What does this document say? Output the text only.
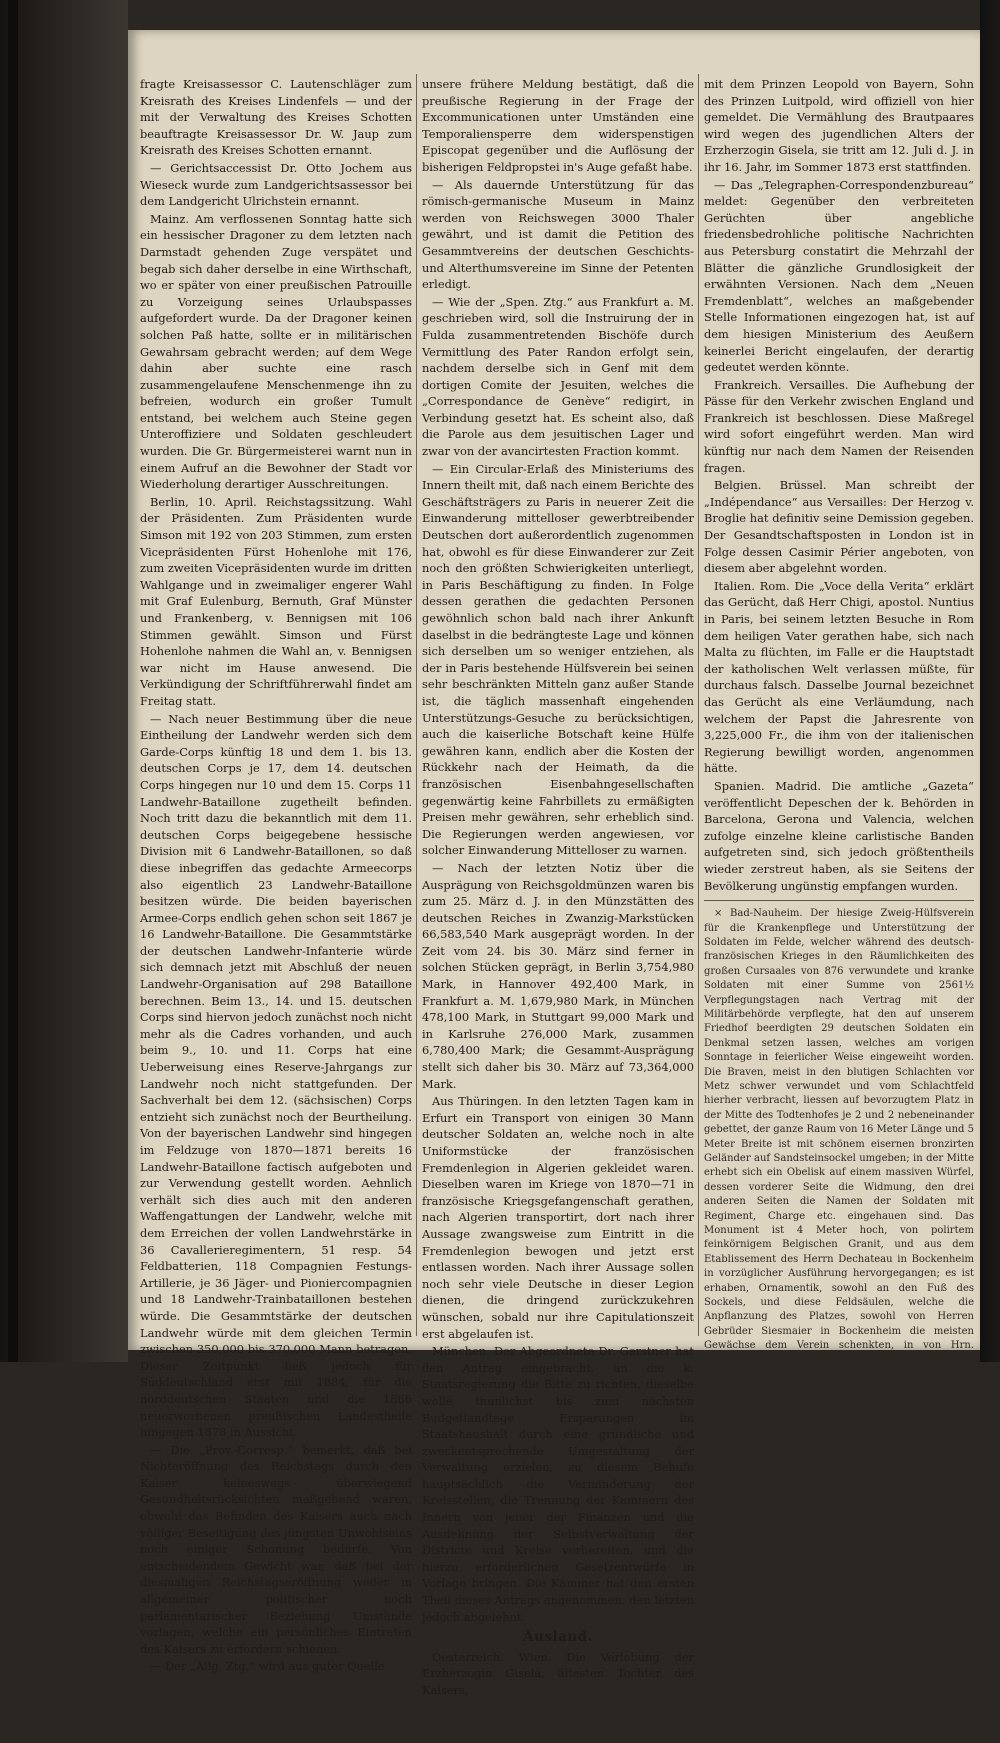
fragte Kreisassessor C. Lautenschläger zum Kreisrath des Kreises Lindenfels — und der mit der Verwaltung des Kreises Schotten beauftragte Kreisassessor Dr. W. Jaup zum Kreisrath des Kreises Schotten ernannt.

— Gerichtsaccessist Dr. Otto Jochem aus Wieseck wurde zum Landgerichtsassessor bei dem Landgericht Ulrichstein ernannt.

Mainz. Am verflossenen Sonntag hatte sich ein hessischer Dragoner zu dem letzten nach Darmstadt gehenden Zuge verspätet und begab sich daher derselbe in eine Wirthschaft, wo er später von einer preußischen Patrouille zu Vorzeigung seines Urlaubspasses aufgefordert wurde. Da der Dragoner keinen solchen Paß hatte, sollte er in militärischen Gewahrsam gebracht werden; auf dem Wege dahin aber suchte eine rasch zusammengelaufene Menschenmenge ihn zu befreien, wodurch ein großer Tumult entstand, bei welchem auch Steine gegen Unteroffiziere und Soldaten geschleudert wurden. Die Gr. Bürgermeisterei warnt nun in einem Aufruf an die Bewohner der Stadt vor Wiederholung derartiger Ausschreitungen.

Berlin, 10. April. Reichstagssitzung. Wahl der Präsidenten. Zum Präsidenten wurde Simson mit 192 von 203 Stimmen, zum ersten Vicepräsidenten Fürst Hohenlohe mit 176, zum zweiten Vicepräsidenten wurde im dritten Wahlgange und in zweimaliger engerer Wahl mit Graf Eulenburg, Bernuth, Graf Münster und Frankenberg, v. Bennigsen mit 106 Stimmen gewählt. Simson und Fürst Hohenlohe nahmen die Wahl an, v. Bennigsen war nicht im Hause anwesend. Die Verkündigung der Schriftführerwahl findet am Freitag statt.

— Nach neuer Bestimmung über die neue Eintheilung der Landwehr werden sich dem Garde-Corps künftig 18 und dem 1. bis 13. deutschen Corps je 17, dem 14. deutschen Corps hingegen nur 10 und dem 15. Corps 11 Landwehr-Bataillone zugetheilt befinden. Noch tritt dazu die bekanntlich mit dem 11. deutschen Corps beigegebene hessische Division mit 6 Landwehr-Bataillonen, so daß diese inbegriffen das gedachte Armeecorps also eigentlich 23 Landwehr-Bataillone besitzen würde. Die beiden bayerischen Armee-Corps endlich gehen schon seit 1867 je 16 Landwehr-Bataillone. Die Gesammtstärke der deutschen Landwehr-Infanterie würde sich demnach jetzt mit Abschluß der neuen Landwehr-Organisation auf 298 Bataillone berechnen. Beim 13., 14. und 15. deutschen Corps sind hiervon jedoch zunächst noch nicht mehr als die Cadres vorhanden, und auch beim 9., 10. und 11. Corps hat eine Ueberweisung eines Reserve-Jahrgangs zur Landwehr noch nicht stattgefunden. Der Sachverhalt bei dem 12. (sächsischen) Corps entzieht sich zunächst noch der Beurtheilung. Von der bayerischen Landwehr sind hingegen im Feldzuge von 1870—1871 bereits 16 Landwehr-Bataillone factisch aufgeboten und zur Verwendung gestellt worden. Aehnlich verhält sich dies auch mit den anderen Waffengattungen der Landwehr, welche mit dem Erreichen der vollen Landwehrstärke in 36 Cavallerieregimentern, 51 resp. 54 Feldbatterien, 118 Compagnien Festungs-Artillerie, je 36 Jäger- und Pioniercompagnien und 18 Landwehr-Trainbataillonen bestehen würde. Die Gesammtstärke der deutschen Landwehr würde mit dem gleichen Termin zwischen 350,000 bis 370,000 Mann betragen. Dieser Zeitpunkt ließ jedoch für Süddeutschland erst mit 1884, für die norddeutschen Staaten und die 1866 neuerworbenen preußischen Landestheile hingegen 1878 in Aussicht.

— Die „Prov.-Corresp.“ bemerkt, daß bei Nichteröffnung des Reichstags durch den Kaiser keineswegs überwiegend Gesundheitsrücksichten maßgebend waren, obwohl das Befinden des Kaisers auch nach völliger Beseitigung des jüngsten Unwohlseins noch einiger Schonung bedürfe. Von entscheidendem Gewicht war, daß bei der diesmaligen Reichstagseröffnung weder in allgemeiner politischer noch parlamentarischer Beziehung Umstände vorlagen, welche ein persönliches Eintreten des Kaisers zu erfordern schienen.

— Der „Allg. Ztg.“ wird aus guter Quelle

unsere frühere Meldung bestätigt, daß die preußische Regierung in der Frage der Excommunicationen unter Umständen eine Temporaliensperre dem widerspenstigen Episcopat gegenüber und die Auflösung der bisherigen Feldpropstei in's Auge gefaßt habe.

— Als dauernde Unterstützung für das römisch-germanische Museum in Mainz werden von Reichswegen 3000 Thaler gewährt, und ist damit die Petition des Gesammtvereins der deutschen Geschichts- und Alterthumsvereine im Sinne der Petenten erledigt.

— Wie der „Spen. Ztg.“ aus Frankfurt a. M. geschrieben wird, soll die Instruirung der in Fulda zusammentretenden Bischöfe durch Vermittlung des Pater Randon erfolgt sein, nachdem derselbe sich in Genf mit dem dortigen Comite der Jesuiten, welches die „Correspondance de Genève“ redigirt, in Verbindung gesetzt hat. Es scheint also, daß die Parole aus dem jesuitischen Lager und zwar von der avancirtesten Fraction kommt.

— Ein Circular-Erlaß des Ministeriums des Innern theilt mit, daß nach einem Berichte des Geschäftsträgers zu Paris in neuerer Zeit die Einwanderung mittelloser gewerbtreibender Deutschen dort außerordentlich zugenommen hat, obwohl es für diese Einwanderer zur Zeit noch den größten Schwierigkeiten unterliegt, in Paris Beschäftigung zu finden. In Folge dessen gerathen die gedachten Personen gewöhnlich schon bald nach ihrer Ankunft daselbst in die bedrängteste Lage und können sich derselben um so weniger entziehen, als der in Paris bestehende Hülfsverein bei seinen sehr beschränkten Mitteln ganz außer Stande ist, die täglich massenhaft eingehenden Unterstützungs-Gesuche zu berücksichtigen, auch die kaiserliche Botschaft keine Hülfe gewähren kann, endlich aber die Kosten der Rückkehr nach der Heimath, da die französischen Eisenbahngesellschaften gegenwärtig keine Fahrbillets zu ermäßigten Preisen mehr gewähren, sehr erheblich sind. Die Regierungen werden angewiesen, vor solcher Einwanderung Mittelloser zu warnen.

— Nach der letzten Notiz über die Ausprägung von Reichsgoldmünzen waren bis zum 25. März d. J. in den Münzstätten des deutschen Reiches in Zwanzig-Markstücken 66,583,540 Mark ausgeprägt worden. In der Zeit vom 24. bis 30. März sind ferner in solchen Stücken geprägt, in Berlin 3,754,980 Mark, in Hannover 492,400 Mark, in Frankfurt a. M. 1,679,980 Mark, in München 478,100 Mark, in Stuttgart 99,000 Mark und in Karlsruhe 276,000 Mark, zusammen 6,780,400 Mark; die Gesammt-Ausprägung stellt sich daher bis 30. März auf 73,364,000 Mark.

Aus Thüringen. In den letzten Tagen kam in Erfurt ein Transport von einigen 30 Mann deutscher Soldaten an, welche noch in alte Uniformstücke der französischen Fremdenlegion in Algerien gekleidet waren. Dieselben waren im Kriege von 1870—71 in französische Kriegsgefangenschaft gerathen, nach Algerien transportirt, dort nach ihrer Aussage zwangsweise zum Eintritt in die Fremdenlegion bewogen und jetzt erst entlassen worden. Nach ihrer Aussage sollen noch sehr viele Deutsche in dieser Legion dienen, die dringend zurückzukehren wünschen, sobald nur ihre Capitulationszeit erst abgelaufen ist.

München. Der Abgeordnete Dr. Gerstner hat den Antrag eingebracht, an die k. Staatsregierung die Bitte zu richten, dieselbe wolle thunlichst bis zum nächsten Budgetlandtage Ersparungen im Staatshaushalt durch eine gründliche und zweckentsprechende Umgestaltung der Verwaltung erzielen, zu diesem Behufe hauptsächlich die Verminderung der Kreisstellen, die Trennung der Kammern des Innern von jener der Finanzen und die Ausdehnung der Selbstverwaltung der Districte und Kreise vorbereiten, und die hierzu erforderlichen Gesetzentwürfe in Vorlage bringen. Die Kammer hat den ersten Theil dieses Antrags angenommen, den letzten jedoch abgelehnt.

Ausland.

Oesterreich. Wien. Die Verlobung der Erzherzogin Gisela, ältesten Tochter des Kaisers,

mit dem Prinzen Leopold von Bayern, Sohn des Prinzen Luitpold, wird offiziell von hier gemeldet. Die Vermählung des Brautpaares wird wegen des jugendlichen Alters der Erzherzogin Gisela, sie tritt am 12. Juli d. J. in ihr 16. Jahr, im Sommer 1873 erst stattfinden.

— Das „Telegraphen-Correspondenzbureau“ meldet: Gegenüber den verbreiteten Gerüchten über angebliche friedensbedrohliche politische Nachrichten aus Petersburg constatirt die Mehrzahl der Blätter die gänzliche Grundlosigkeit der erwähnten Versionen. Nach dem „Neuen Fremdenblatt“, welches an maßgebender Stelle Informationen eingezogen hat, ist auf dem hiesigen Ministerium des Aeußern keinerlei Bericht eingelaufen, der derartig gedeutet werden könnte.

Frankreich. Versailles. Die Aufhebung der Pässe für den Verkehr zwischen England und Frankreich ist beschlossen. Diese Maßregel wird sofort eingeführt werden. Man wird künftig nur nach dem Namen der Reisenden fragen.

Belgien. Brüssel. Man schreibt der „Indépendance“ aus Versailles: Der Herzog v. Broglie hat definitiv seine Demission gegeben. Der Gesandtschaftsposten in London ist in Folge dessen Casimir Périer angeboten, von diesem aber abgelehnt worden.

Italien. Rom. Die „Voce della Verita“ erklärt das Gerücht, daß Herr Chigi, apostol. Nuntius in Paris, bei seinem letzten Besuche in Rom dem heiligen Vater gerathen habe, sich nach Malta zu flüchten, im Falle er die Hauptstadt der katholischen Welt verlassen müßte, für durchaus falsch. Dasselbe Journal bezeichnet das Gerücht als eine Verläumdung, nach welchem der Papst die Jahresrente von 3,225,000 Fr., die ihm von der italienischen Regierung bewilligt worden, angenommen hätte.

Spanien. Madrid. Die amtliche „Gazeta“ veröffentlicht Depeschen der k. Behörden in Barcelona, Gerona und Valencia, welchen zufolge einzelne kleine carlistische Banden aufgetreten sind, sich jedoch größtentheils wieder zerstreut haben, als sie Seitens der Bevölkerung ungünstig empfangen wurden.

× Bad-Nauheim. Der hiesige Zweig-Hülfsverein für die Krankenpflege und Unterstützung der Soldaten im Felde, welcher während des deutsch-französischen Krieges in den Räumlichkeiten des großen Cursaales von 876 verwundete und kranke Soldaten mit einer Summe von 2561½ Verpflegungstagen nach Vertrag mit der Militärbehörde verpflegte, hat den auf unserem Friedhof beerdigten 29 deutschen Soldaten ein Denkmal setzen lassen, welches am vorigen Sonntage in feierlicher Weise eingeweiht worden. Die Braven, meist in den blutigen Schlachten vor Metz schwer verwundet und vom Schlachtfeld hierher verbracht, liessen auf bevorzugtem Platz in der Mitte des Todtenhofes je 2 und 2 nebeneinander gebettet, der ganze Raum von 16 Meter Länge und 5 Meter Breite ist mit schönem eisernen bronzirten Geländer auf Sandsteinsockel umgeben; in der Mitte erhebt sich ein Obelisk auf einem massiven Würfel, dessen vorderer Seite die Widmung, den drei anderen Seiten die Namen der Soldaten mit Regiment, Charge etc. eingehauen sind. Das Monument ist 4 Meter hoch, von polirtem feinkörnigem Belgischen Granit, und aus dem Etablissement des Herrn Dechateau in Bockenheim in vorzüglicher Ausführung hervorgegangen; es ist erhaben, Ornamentik, sowohl an den Fuß des Sockels, und diese Feldsäulen, welche die Anpflanzung des Platzes, sowohl von Herren Gebrüder Siesmaier in Bockenheim die meisten Gewächse dem Verein schenkten, in von Hrn. Kunstgärtner Ottermeier daselbst auf das Geschmackvollste ausgeführt. Jedes Grab ist durch ein Sandsteinkreuz mit beiderseitiger Nummer gekennzeichnet, und dieser Nummer entsprechend findet man den mit gleicher Nummer versehenen Namen des Verblichenen auf den Seiten des Würfels. Das ganze Grabmal ist in seiner ruhigen, sehr geschmackvollen Ausführung eine wahre Zierde unseres Friedhofs und ein würdiger Gedenkstein an die glorreichen Thaten der Gefallenen, welche im Kampfe für das Vaterland ihr Leben so freudig ließen. Es war am Einweihungstage in den vier Ecken des Geländers geschmückt mit vier deutschen Fahnen, welche den Trauerflor trugen, und der Obelisk, sowie die vier Ecken des Würfels waren mit je einem Lorbeerkranz umwunden. — Um 3 Uhr Nachmittags setzte sich der Festzug von der Trinkhalle in folgender Ordnung in Bewegung: Zwei Veteranen aus der Zeit der deutschen Freiheitskriege; Nauheimer Soldaten auf Urlaub, Reservisten und Landwehrleute (63 Mann); die Geistlichkeit mit dem Vorstand des hiesigen und einer Deputation des Friedberger Hülfsvereins und dem Stadtrath; die freiwilligen Pflegerinnen; die freiwillige Sanitätsmannschaft; der Gesangverein Concordia; der Gesangverein Frohsinn; der Turnverein; die übrige Einwohnerschaft.
